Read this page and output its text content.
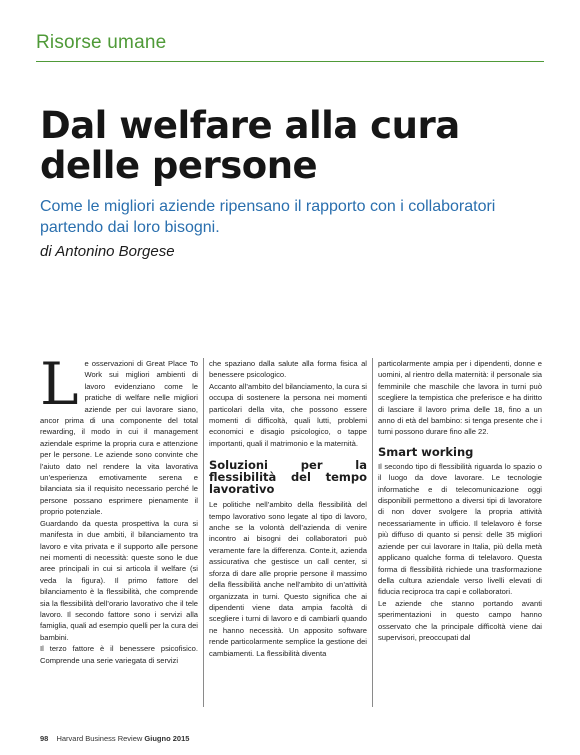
Risorse umane
Dal welfare alla cura delle persone

Come le migliori aziende ripensano il rapporto con i collaboratori partendo dai loro bisogni.

di Antonino Borgese

Le osservazioni di Great Place To Work sui migliori ambienti di lavoro evidenziano come le pratiche di welfare nelle migliori aziende per cui lavorare siano, ancor prima di una componente del total rewarding, il modo in cui il management aziendale esprime la propria cura e attenzione per le persone. Le aziende sono convinte che l’aiuto dato nel rendere la vita lavorativa un’esperienza emotivamente serena e bilanciata sia il requisito necessario perché le persone possano esprimere pienamente il proprio potenziale.

Guardando da questa prospettiva la cura si manifesta in due ambiti, il bilanciamento tra lavoro e vita privata e il supporto alle persone nei momenti di necessità: queste sono le due aree principali in cui si articola il welfare (si veda la figura). Il primo fattore del bilanciamento è la flessibilità, che comprende sia la flessibilità dell’orario lavorativo che il tele lavoro. Il secondo fattore sono i servizi alla famiglia, quali ad esempio quelli per la cura dei bambini.

Il terzo fattore è il benessere psicofisico. Comprende una serie variegata di servizi

che spaziano dalla salute alla forma fisica al benessere psicologico.

Accanto all’ambito del bilanciamento, la cura si occupa di sostenere la persona nei momenti particolari della vita, che possono essere momenti di difficoltà, quali lutti, problemi economici e disagio psicologico, o tappe importanti, quali il matrimonio e la maternità.

Soluzioni per la flessibilità del tempo lavorativo

Le politiche nell’ambito della flessibilità del tempo lavorativo sono legate al tipo di lavoro, anche se la volontà dell’azienda di venire incontro ai bisogni dei collaboratori può veramente fare la differenza. Conte.it, azienda assicurativa che gestisce un call center, si sforza di dare alle proprie persone il massimo della flessibilità anche nell’ambito di un’attività organizzata in turni. Questo significa che ai dipendenti viene data ampia facoltà di scegliere i turni di lavoro e di cambiarli quando ne hanno necessità. Un apposito software rende particolarmente semplice la gestione dei cambiamenti. La flessibilità diventa

particolarmente ampia per i dipendenti, donne e uomini, al rientro della maternità: il personale sia femminile che maschile che lavora in turni può scegliere la tempistica che preferisce e ha diritto di lasciare il lavoro prima delle 18, fino a un anno di età del bambino: si tenga presente che i turni possono durare fino alle 22.

Smart working

Il secondo tipo di flessibilità riguarda lo spazio o il luogo da dove lavorare. Le tecnologie informatiche e di telecomunicazione oggi disponibili permettono a diversi tipi di lavoratore di non dover svolgere la propria attività necessariamente in ufficio. Il telelavoro è forse più diffuso di quanto si pensi: delle 35 migliori aziende per cui lavorare in Italia, più della metà applicano qualche forma di telelavoro. Questa forma di flessibilità richiede una trasformazione della cultura aziendale verso livelli elevati di fiducia reciproca tra capi e collaboratori.

Le aziende che stanno portando avanti sperimentazioni in questo campo hanno osservato che la principale difficoltà viene dai supervisori, preoccupati dal

98 Harvard Business Review Giugno 2015
